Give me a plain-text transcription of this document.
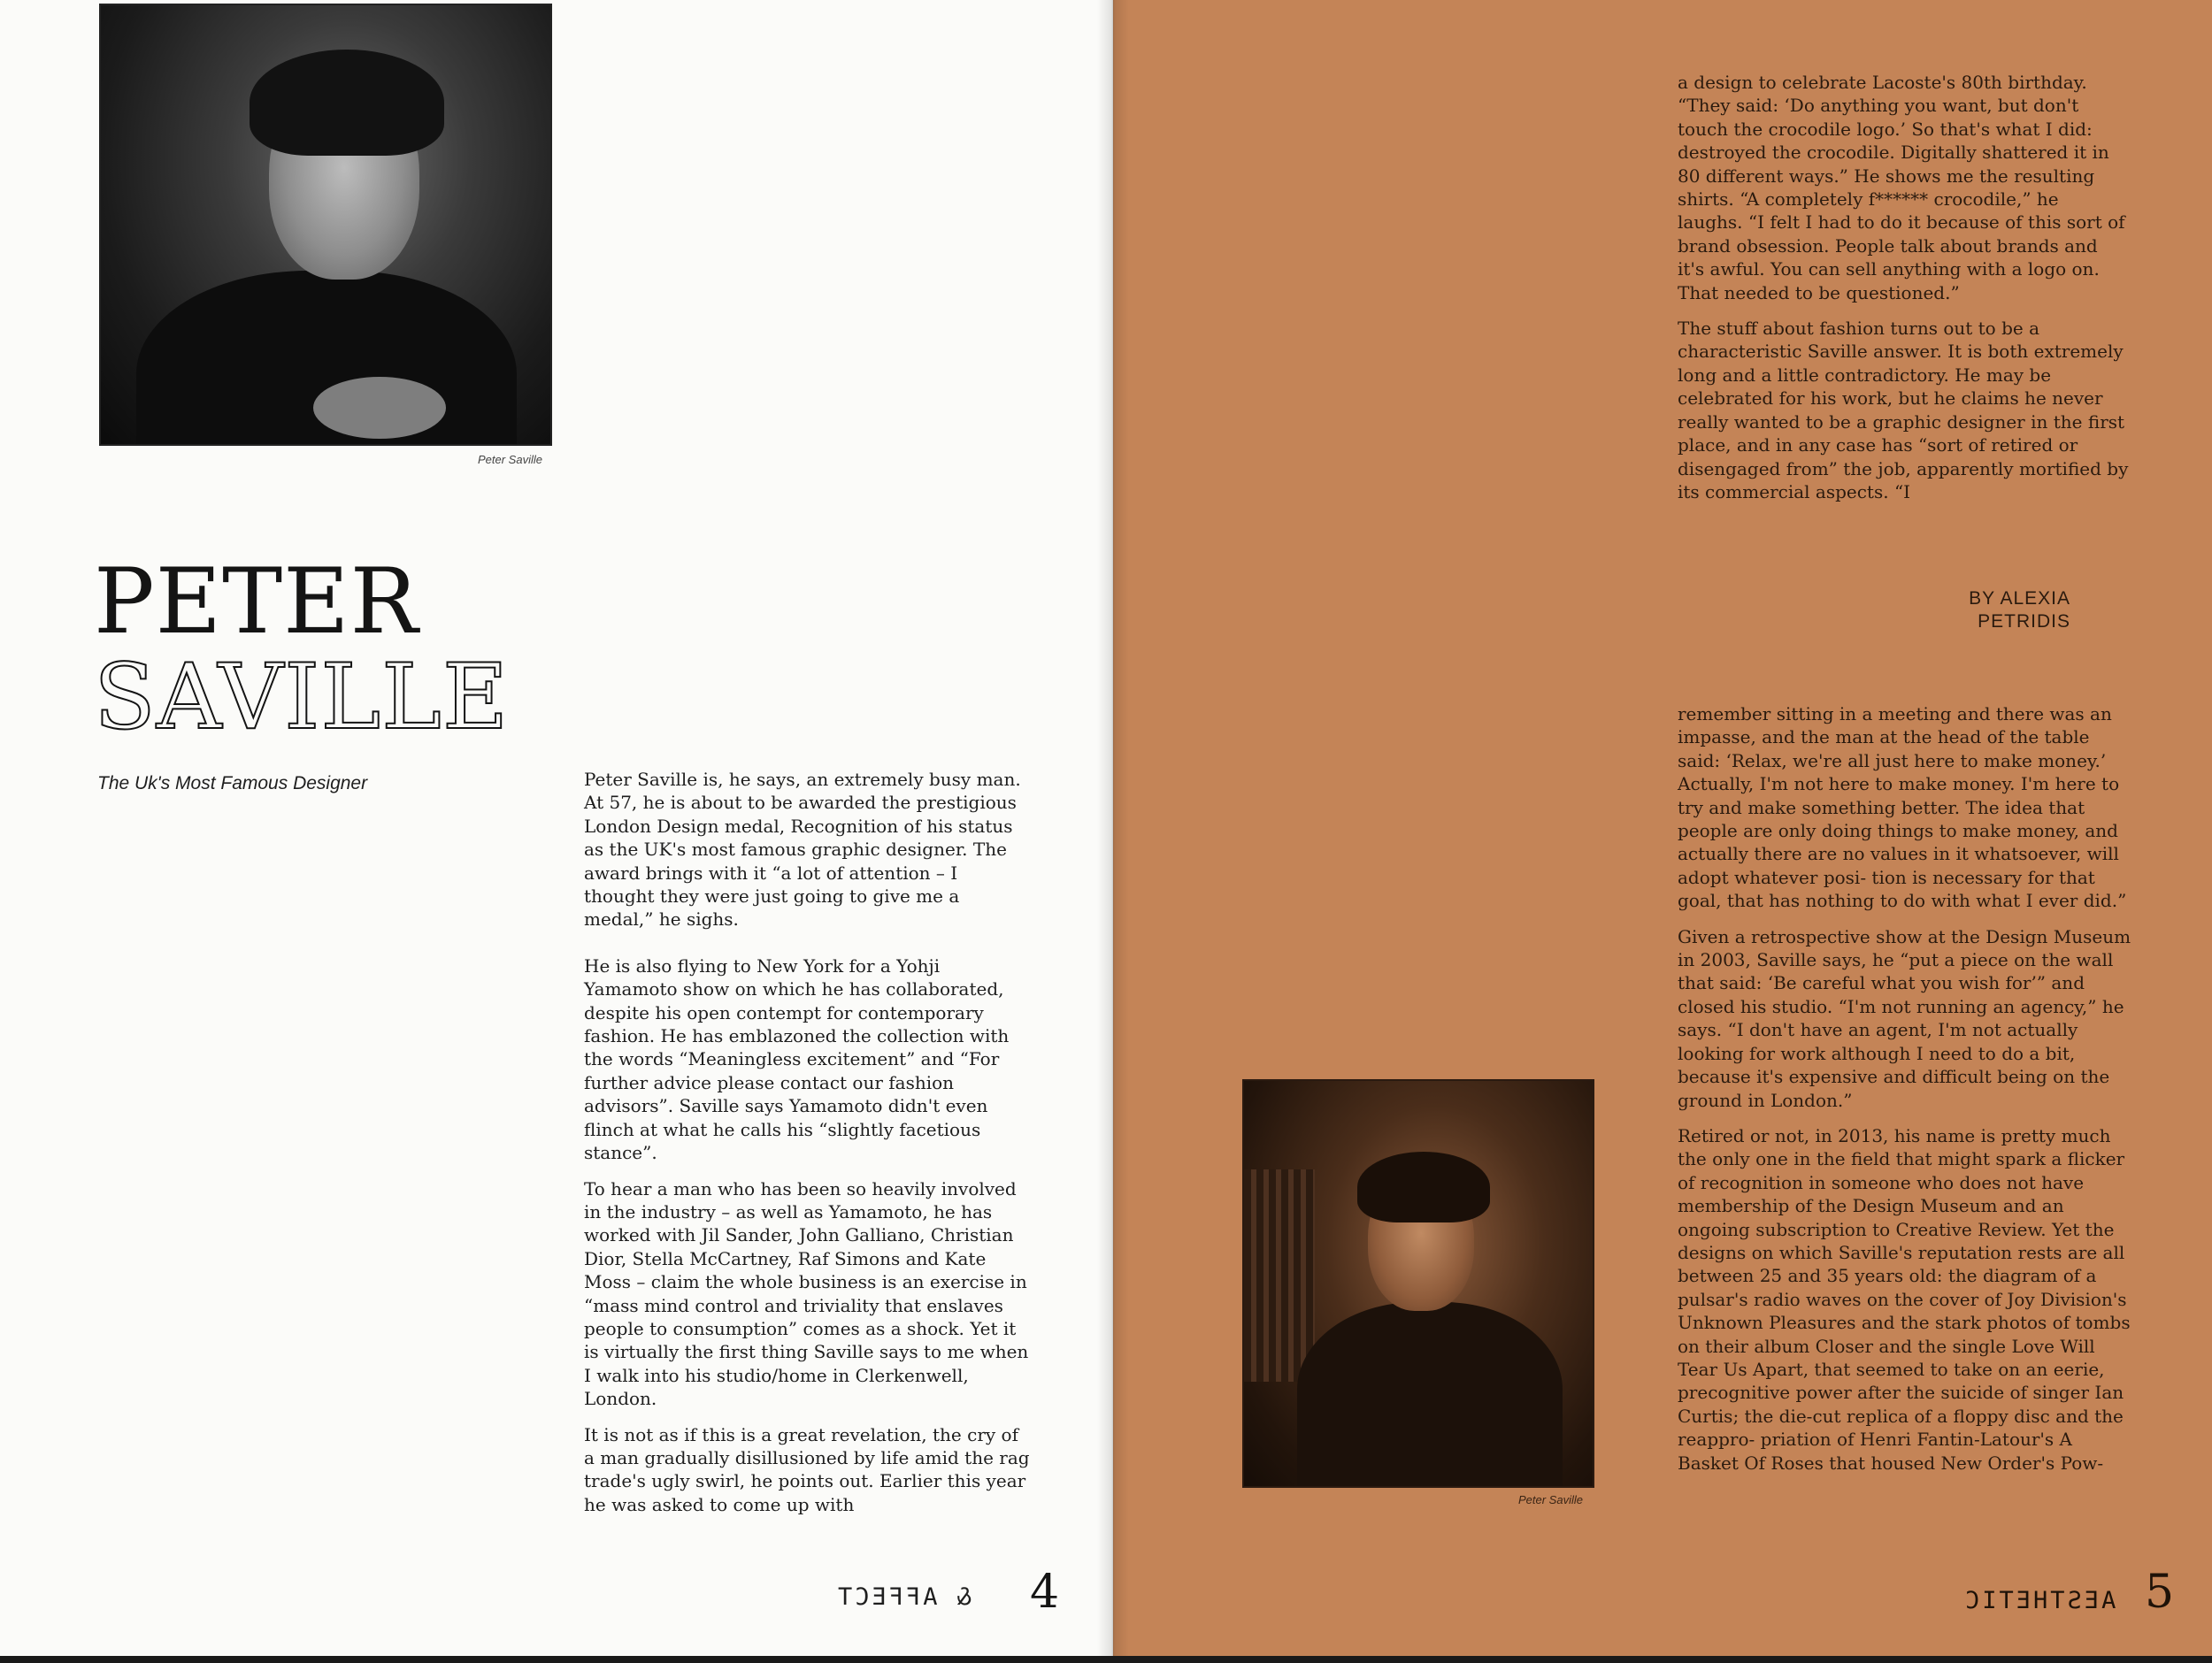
Peter Saville
PETER
SAVILLE
The Uk's Most Famous Designer	Peter Saville is, he says, an extremely busy man. At 57, he is about to be awarded the prestigious London Design medal, Recognition of his status as the UK's most famous graphic designer. The award brings with it “a lot of attention – I thought they were just going to give me a medal,” he sighs.

He is also flying to New York for a Yohji Yamamoto show on which he has collaborated, despite his open contempt for contemporary fashion. He has emblazoned the collection with the words “Meaningless excitement” and “For further advice please contact our fashion advisors”. Saville says Yamamoto didn't even flinch at what he calls his “slightly facetious stance”.

To hear a man who has been so heavily involved in the industry – as well as Yamamoto, he has worked with Jil Sander, John Galliano, Christian Dior, Stella McCartney, Raf Simons and Kate Moss – claim the whole business is an exercise in “mass mind control and triviality that enslaves people to consumption” comes as a shock. Yet it is virtually the first thing Saville says to me when I walk into his studio/home in Clerkenwell, London.

It is not as if this is a great revelation, the cry of a man gradually disillusioned by life amid the rag trade's ugly swirl, he points out. Earlier this year he was asked to come up with

& AFFECT 4

a design to celebrate Lacoste's 80th birthday. “They said: ‘Do anything you want, but don't touch the crocodile logo.’ So that's what I did: destroyed the crocodile. Digitally shattered it in 80 different ways.” He shows me the resulting shirts. “A completely f****** crocodile,” he laughs. “I felt I had to do it because of this sort of brand obsession. People talk about brands and it's awful. You can sell anything with a logo on. That needed to be questioned.”

The stuff about fashion turns out to be a characteristic Saville answer. It is both extremely long and a little contradictory. He may be celebrated for his work, but he claims he never really wanted to be a graphic designer in the first place, and in any case has “sort of retired or disengaged from” the job, apparently mortified by its commercial aspects. “I

BY ALEXIA
PETRIDIS

remember sitting in a meeting and there was an impasse, and the man at the head of the table said: ‘Relax, we're all just here to make money.’ Actually, I'm not here to make money. I'm here to try and make something better. The idea that people are only doing things to make money, and actually there are no values in it whatsoever, will adopt whatever posi- tion is necessary for that goal, that has nothing to do with what I ever did.”

Given a retrospective show at the Design Museum in 2003, Saville says, he “put a piece on the wall that said: ‘Be careful what you wish for’” and closed his studio. “I'm not running an agency,” he says. “I don't have an agent, I'm not actually looking for work although I need to do a bit, because it's expensive and difficult being on the ground in London.”

Retired or not, in 2013, his name is pretty much the only one in the field that might spark a flicker of recognition in someone who does not have membership of the Design Museum and an ongoing subscription to Creative Review. Yet the designs on which Saville's reputation rests are all between 25 and 35 years old: the diagram of a pulsar's radio waves on the cover of Joy Division's Unknown Pleasures and the stark photos of tombs on their album Closer and the single Love Will Tear Us Apart, that seemed to take on an eerie, precognitive power after the suicide of singer Ian Curtis; the die-cut replica of a floppy disc and the reappro- priation of Henri Fantin-Latour's A Basket Of Roses that housed New Order's Pow-

Peter Saville
AESTHETIC 5
